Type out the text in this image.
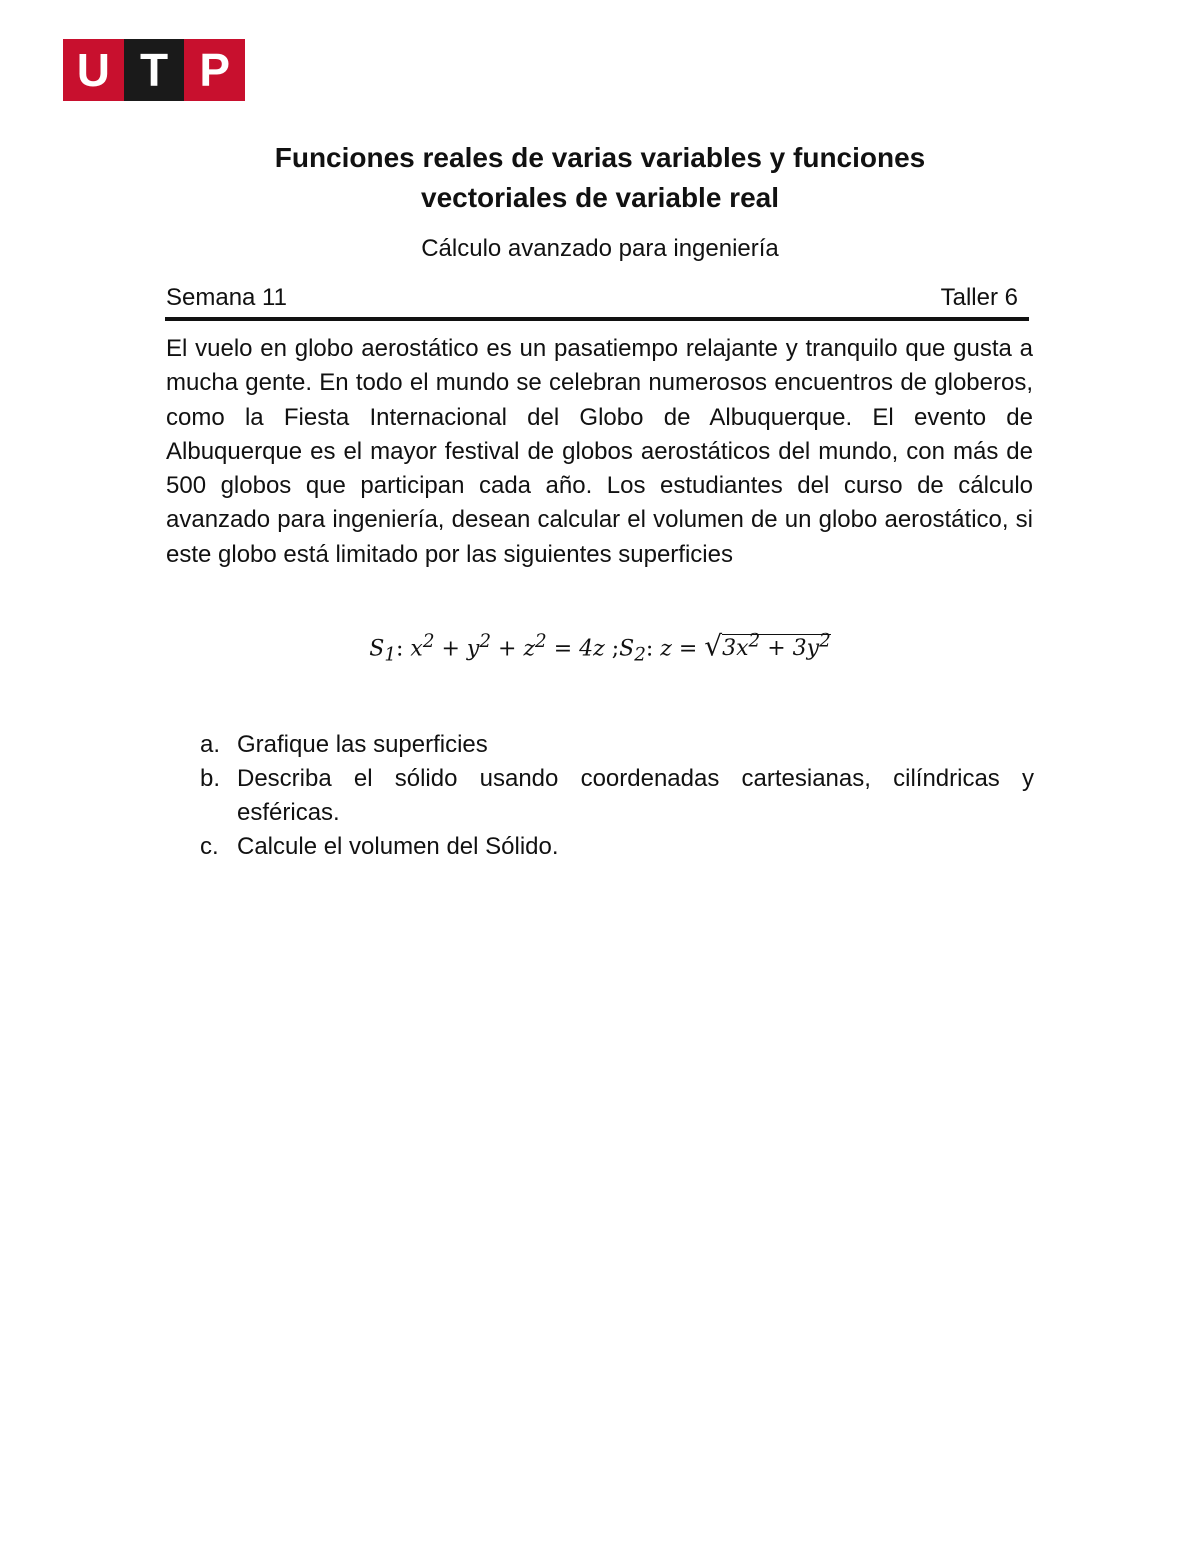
U T P
Funciones reales de varias variables y funciones
vectoriales de variable real

Cálculo avanzado para ingeniería

Semana 11	Taller 6

El vuelo en globo aerostático es un pasatiempo relajante y tranquilo que gusta a mucha gente. En todo el mundo se celebran numerosos encuentros de globeros, como la Fiesta Internacional del Globo de Albuquerque. El evento de Albuquerque es el mayor festival de globos aerostáticos del mundo, con más de 500 globos que participan cada año. Los estudiantes del curso de cálculo avanzado para ingeniería, desean calcular el volumen de un globo aerostático, si este globo está limitado por las siguientes superficies

$S_1$: $x^2 + y^2 + z^2 = 4z$ $;S_2$: $z = √3x^2 + 3y^2$
a. Grafique las superficies
b. Describa el sólido usando coordenadas cartesianas, cilíndricas y esféricas.
c. Calcule el volumen del Sólido.
